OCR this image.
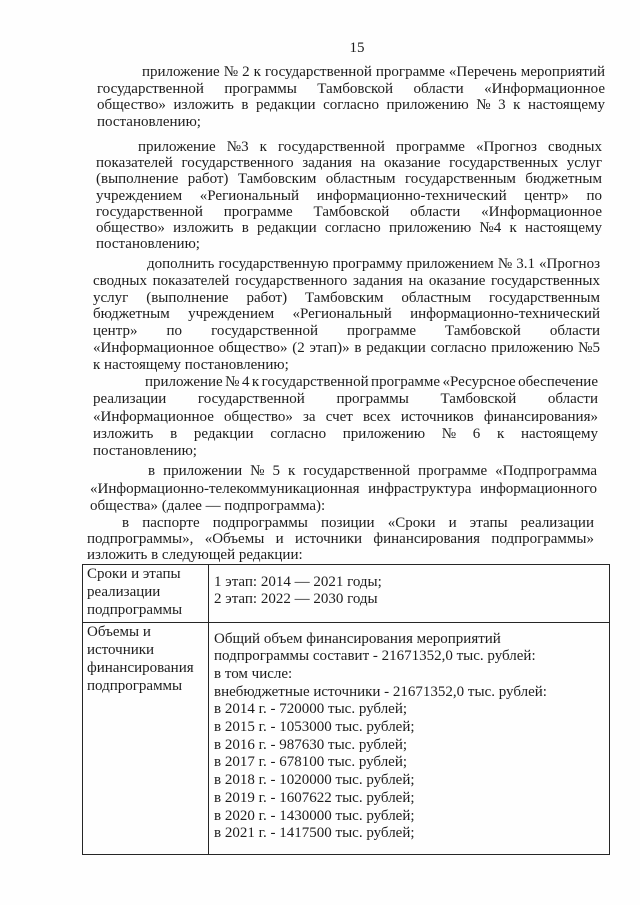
15
приложение № 2 к государственной программе «Перечень мероприятий
государственной программы Тамбовской области «Информационное
общество» изложить в редакции согласно приложению № 3 к настоящему
постановлению;
приложение №3 к государственной программе «Прогноз сводных
показателей государственного задания на оказание государственных услуг
(выполнение работ) Тамбовским областным государственным бюджетным
учреждением «Региональный информационно-технический центр» по
государственной программе Тамбовской области «Информационное
общество» изложить в редакции согласно приложению №4 к настоящему
постановлению;
дополнить государственную программу приложением № 3.1 «Прогноз
сводных показателей государственного задания на оказание государственных
услуг (выполнение работ) Тамбовским областным государственным
бюджетным учреждением «Региональный информационно-технический
центр» по государственной программе Тамбовской области
«Информационное общество» (2 этап)» в редакции согласно приложению №5
к настоящему постановлению;
приложение № 4 к государственной программе «Ресурсное обеспечение
реализации государственной программы Тамбовской области
«Информационное общество» за счет всех источников финансирования»
изложить в редакции согласно приложению № 6 к настоящему
постановлению;
в приложении № 5 к государственной программе «Подпрограмма
«Информационно-телекоммуникационная инфраструктура информационного
общества» (далее — подпрограмма):
в паспорте подпрограммы позиции «Сроки и этапы реализации
подпрограммы», «Объемы и источники финансирования подпрограммы»
изложить в следующей редакции:
Сроки и этапы
реализации
подпрограммы
1 этап: 2014 — 2021 годы;
2 этап: 2022 — 2030 годы
Объемы и
источники
финансирования
подпрограммы
Общий объем финансирования мероприятий
подпрограммы составит - 21671352,0 тыс. рублей:
в том числе:
внебюджетные источники - 21671352,0 тыс. рублей:
в 2014 г. - 720000 тыс. рублей;
в 2015 г. - 1053000 тыс. рублей;
в 2016 г. - 987630 тыс. рублей;
в 2017 г. - 678100 тыс. рублей;
в 2018 г. - 1020000 тыс. рублей;
в 2019 г. - 1607622 тыс. рублей;
в 2020 г. - 1430000 тыс. рублей;
в 2021 г. - 1417500 тыс. рублей;
